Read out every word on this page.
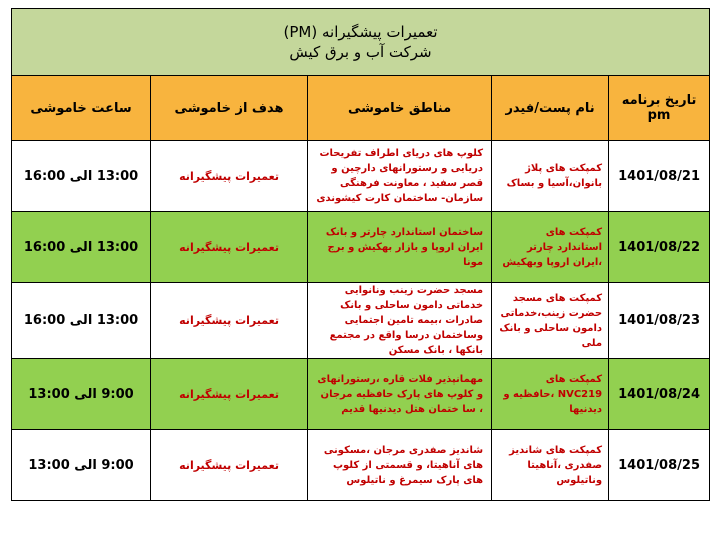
تعمیرات پیشگیرانه (PM)
شرکت آب و برق کیش				

تاریخ برنامه pm	نام پست/فیدر	مناطق خاموشی	هدف از خاموشی	ساعت خاموشی
1401/08/21	کمپکت های پلاژ بانوان،آسیا و بساک	کلوپ های دریای اطراف تفریحات دریایی و رستورانهای دارچین و قصر سفید ، معاونت فرهنگی سازمان- ساختمان کارت کیشوندی	تعمیرات پیشگیرانه	13:00 الی 16:00
1401/08/22	کمپکت های استاندارد چارتر ،ایران اروپا وبهکیش	ساختمان استاندارد چارتر و بانک ایران اروپا و بازار بهکیش و برج مونا	تعمیرات پیشگیرانه	13:00 الی 16:00
1401/08/23	کمپکت های مسجد حضرت زینب،خدماتی دامون ساحلی و بانک ملی	مسجد حضرت زینب ونانوایی خدماتی دامون ساحلی و بانک صادرات ،بیمه تامین اجتمایی وساختمان درسا واقع در مجتمع بانکها ، بانک مسکن	تعمیرات پیشگیرانه	13:00 الی 16:00
1401/08/24	کمپکت های NVC219 ،حافظیه و دیدنیها	مهمانپذیر فلات قاره ،رستورانهای و کلوپ های پارک حافظیه مرجان ، سا ختمان هتل دیدنیها قدیم	تعمیرات پیشگیرانه	9:00 الی 13:00
1401/08/25	کمپکت های شاندیز صفدری ،آناهیتا وناتیلوس	شاندیز صفدری مرجان ،مسکونی های آناهیتا، و قسمتی از کلوپ های پارک سیمرغ و ناتیلوس	تعمیرات پیشگیرانه	9:00 الی 13:00
